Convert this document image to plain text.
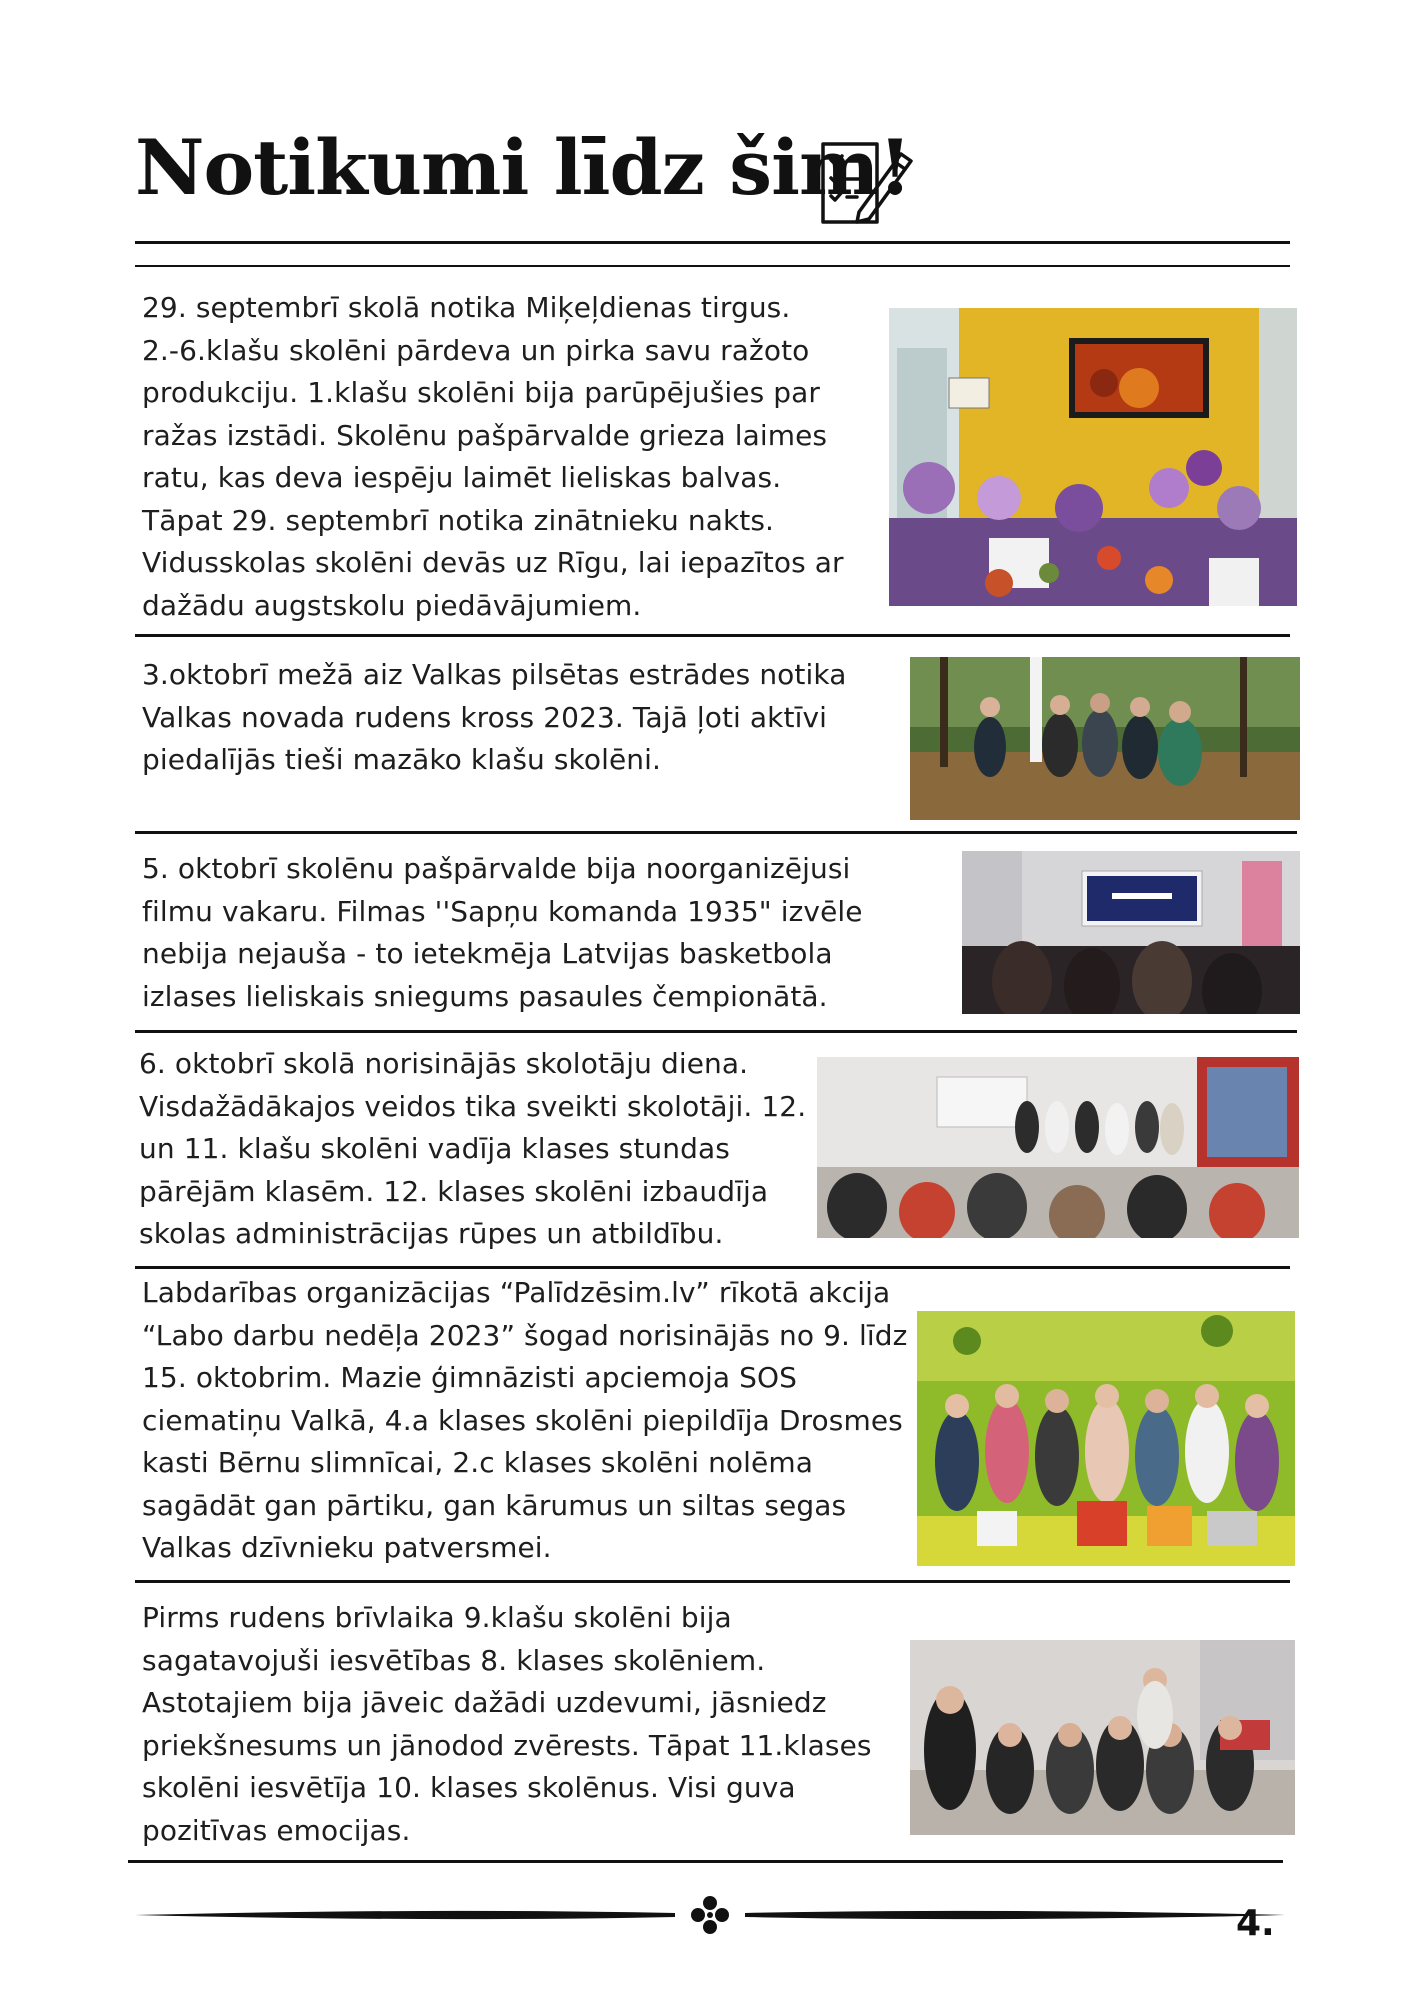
Notikumi līdz šim!

29. septembrī skolā notika Miķeļdienas tirgus. 2.-6.klašu skolēni pārdeva un pirka savu ražoto produkciju. 1.klašu skolēni bija parūpējušies par ražas izstādi. Skolēnu pašpārvalde grieza laimes ratu, kas deva iespēju laimēt lieliskas balvas. Tāpat 29. septembrī notika zinātnieku nakts. Vidusskolas skolēni devās uz Rīgu, lai iepazītos ar dažādu augstskolu piedāvājumiem.

3.oktobrī mežā aiz Valkas pilsētas estrādes notika Valkas novada rudens kross 2023. Tajā ļoti aktīvi piedalījās tieši mazāko klašu skolēni.

5. oktobrī skolēnu pašpārvalde bija noorganizējusi filmu vakaru. Filmas ''Sapņu komanda 1935" izvēle nebija nejauša - to ietekmēja Latvijas basketbola izlases lieliskais sniegums pasaules čempionātā.

6. oktobrī skolā norisinājās skolotāju diena. Visdažādākajos veidos tika sveikti skolotāji. 12. un 11. klašu skolēni vadīja klases stundas pārējām klasēm. 12. klases skolēni izbaudīja skolas administrācijas rūpes un atbildību.

Labdarības organizācijas “Palīdzēsim.lv” rīkotā akcija “Labo darbu nedēļa 2023” šogad norisinājās no 9. līdz 15. oktobrim. Mazie ģimnāzisti apciemoja SOS ciematiņu Valkā, 4.a klases skolēni piepildīja Drosmes kasti Bērnu slimnīcai, 2.c klases skolēni nolēma sagādāt gan pārtiku, gan kārumus un siltas segas Valkas dzīvnieku patversmei.

Pirms rudens brīvlaika 9.klašu skolēni bija sagatavojuši iesvētības 8. klases skolēniem. Astotajiem bija jāveic dažādi uzdevumi, jāsniedz priekšnesums un jānodod zvērests. Tāpat 11.klases skolēni iesvētīja 10. klases skolēnus. Visi guva pozitīvas emocijas.

4.
